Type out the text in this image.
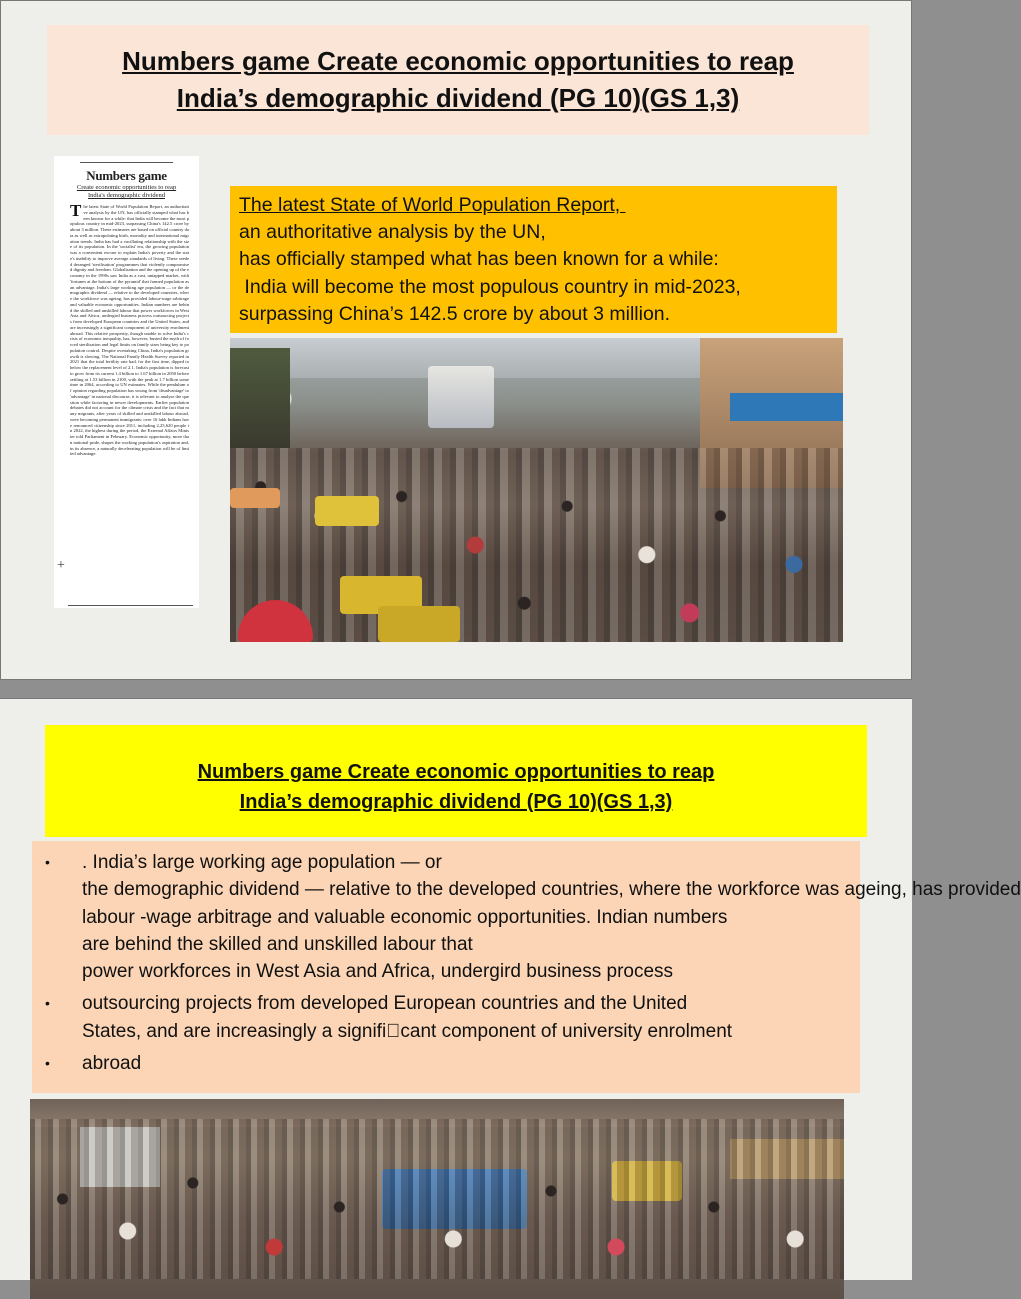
Numbers game Create economic opportunities to reap
India’s demographic dividend (PG 10)(GS 1,3)
Numbers game
Create economic opportunities to reap
India's demographic dividend
T he latest State of World Population Report, an authoritative analysis by the UN, has officially stamped what has been known for a while: that India will become the most populous country in mid-2023, surpassing China's 142.5 crore by about 3 million. These estimates are based on official country data as well as extrapolating birth, mortality and international migration trends. India has had a vacillating relationship with the size of its population. In the 'socialist' era, the growing population was a convenient excuse to explain India's poverty and the state's inability to improve average standards of living. These seeded deranged 'sterilisation' programmes that violently compromised dignity and freedom. Globalisation and the opening up of the economy in the 1990s saw India as a vast, untapped market, with 'fortunes at the bottom of the pyramid' that framed population as an advantage. India's large working age population — or the demographic dividend — relative to the developed countries, where the workforce was ageing, has provided labour-wage arbitrage and valuable economic opportunities. Indian numbers are behind the skilled and unskilled labour that power workforces in West Asia and Africa, undergird business process outsourcing projects from developed European countries and the United States, and are increasingly a significant component of university enrolment abroad. This relative prosperity, though unable to solve India's crisis of economic inequality, has, however, busted the myth of forced sterilisation and legal limits on family sizes being key to population control. Despite overtaking China, India's population growth is slowing. The National Family Health Survey reported in 2021 that the total fertility rate had, for the first time, dipped to below the replacement level of 2.1. India's population is forecast to grow from its current 1.4 billion to 1.67 billion in 2050 before settling at 1.53 billion in 2100, with the peak at 1.7 billion sometime in 2064, according to UN estimates. While the pendulum of opinion regarding population has swung from 'disadvantage' to 'advantage' in national discourse, it is relevant to analyse the question while factoring in newer developments. Earlier population debates did not account for the climate crisis and the fact that many migrants, after years of skilled and unskilled labour abroad, were becoming permanent immigrants: over 16 lakh Indians have renounced citizenship since 2011, including 2,25,620 people in 2022, the highest during the period, the External Affairs Minister told Parliament in February. Economic opportunity, more than national pride, shapes the working population's aspiration and, in its absence, a naturally decelerating population will be of limited advantage.
+
The latest State of World Population Report,
an authoritative analysis by the UN,
has officially stamped what has been known for a while:
India will become the most populous country in mid-2023,
surpassing China’s 142.5 crore by about 3 million.
Numbers game Create economic opportunities to reap
India’s demographic dividend (PG 10)(GS 1,3)
• . India’s large working age population — or
the demographic dividend — relative to the developed countries, where the workforce was ageing, has provided
labour -wage arbitrage and valuable economic opportunities. Indian numbers
are behind the skilled and unskilled labour that
power workforces in West Asia and Africa, undergird business process
• outsourcing projects from developed European countries and the United
States, and are increasingly a signifi cant component of university enrolment
• abroad
